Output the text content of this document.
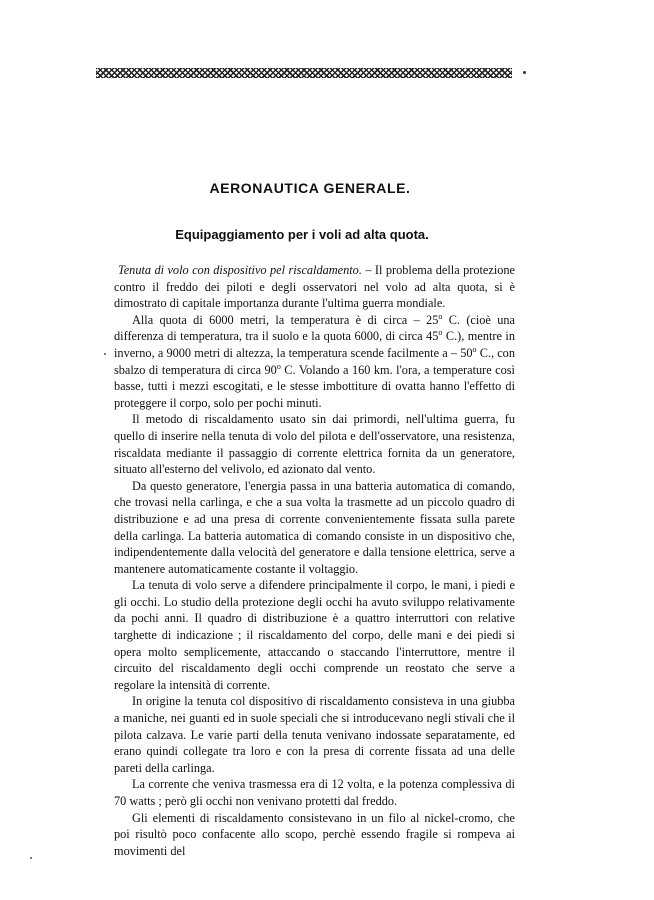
AERONAUTICA GENERALE.
Equipaggiamento per i voli ad alta quota.

Tenuta di volo con dispositivo pel riscaldamento. – Il problema della protezione contro il freddo dei piloti e degli osservatori nel volo ad alta quota, si è dimostrato di capitale importanza durante l'ultima guerra mondiale.

Alla quota di 6000 metri, la temperatura è di circa – 25$^o$ C. (cioè una differenza di temperatura, tra il suolo e la quota 6000, di circa 45$^o$ C.), mentre in inverno, a 9000 metri di altezza, la temperatura scende facilmente a – 50$^o$ C., con sbalzo di temperatura di circa 90$^o$ C. Volando a 160 km. l'ora, a temperature così basse, tutti i mezzi escogitati, e le stesse imbottiture di ovatta hanno l'effetto di proteggere il corpo, solo per pochi minuti.

Il metodo di riscaldamento usato sin dai primordi, nell'ultima guerra, fu quello di inserire nella tenuta di volo del pilota e dell'osservatore, una resistenza, riscaldata mediante il passaggio di corrente elettrica fornita da un generatore, situato all'esterno del velivolo, ed azionato dal vento.

Da questo generatore, l'energia passa in una batteria automatica di comando, che trovasi nella carlinga, e che a sua volta la trasmette ad un piccolo quadro di distribuzione e ad una presa di corrente convenientemente fissata sulla parete della carlinga. La batteria automatica di comando consiste in un dispositivo che, indipendentemente dalla velocità del generatore e dalla tensione elettrica, serve a mantenere automaticamente costante il voltaggio.

La tenuta di volo serve a difendere principalmente il corpo, le mani, i piedi e gli occhi. Lo studio della protezione degli occhi ha avuto sviluppo relativamente da pochi anni. Il quadro di distribuzione è a quattro interruttori con relative targhette di indicazione ; il riscaldamento del corpo, delle mani e dei piedi si opera molto semplicemente, attaccando o staccando l'interruttore, mentre il circuito del riscaldamento degli occhi comprende un reostato che serve a regolare la intensità di corrente.

In origine la tenuta col dispositivo di riscaldamento consisteva in una giubba a maniche, nei guanti ed in suole speciali che si introducevano negli stivali che il pilota calzava. Le varie parti della tenuta venivano indossate separatamente, ed erano quindi collegate tra loro e con la presa di corrente fissata ad una delle pareti della carlinga.

La corrente che veniva trasmessa era di 12 volta, e la potenza complessiva di 70 watts ; però gli occhi non venivano protetti dal freddo.

Gli elementi di riscaldamento consistevano in un filo al nickel-cromo, che poi risultò poco confacente allo scopo, perchè essendo fragile si rompeva ai movimenti del
